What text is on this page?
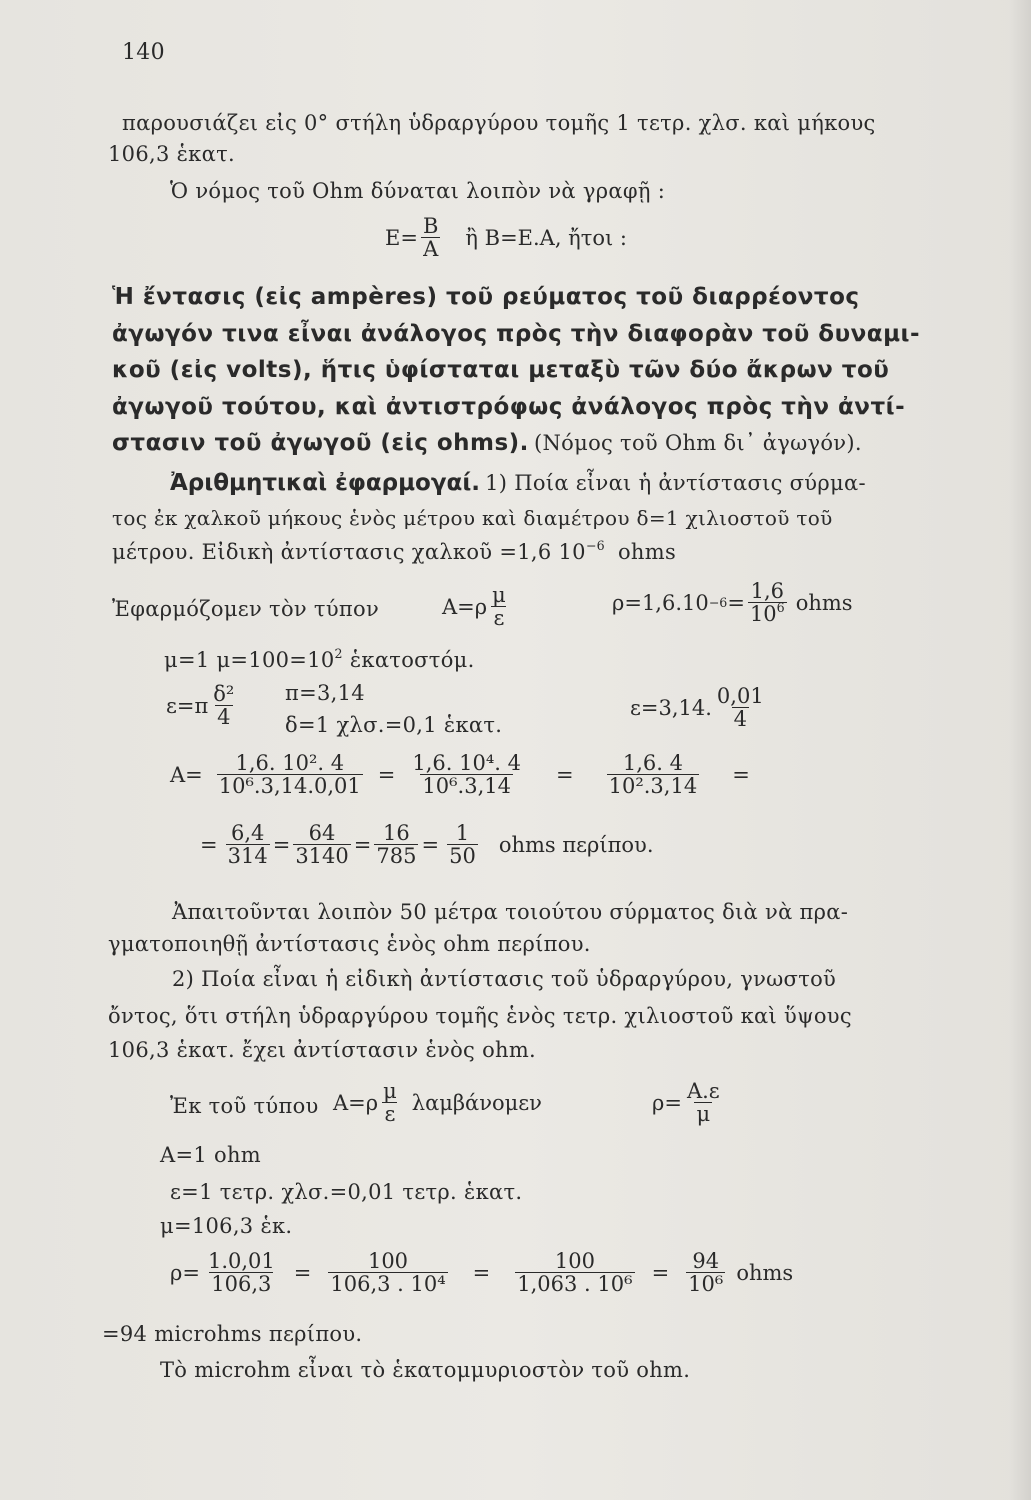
140
παρουσιάζει εἰς 0° στήλη ὑδραργύρου τομῆς 1 τετρ. χλσ. καὶ μήκους
106,3 ἑκατ.
Ὁ νόμος τοῦ Ohm δύναται λοιπὸν νὰ γραφῇ :
$E= \frac{B}{A}$ ἢ B=E.A, ἤτοι :
Ἡ ἔντασις (εἰς ampères) τοῦ ρεύματος τοῦ διαρρέοντος
ἀγωγόν τινα εἶναι ἀνάλογος πρὸς τὴν διαφορὰν τοῦ δυναμι-
κοῦ (εἰς volts), ἥτις ὑφίσταται μεταξὺ τῶν δύο ἄκρων τοῦ
ἀγωγοῦ τούτου, καὶ ἀντιστρόφως ἀνάλογος πρὸς τὴν ἀντί-
στασιν τοῦ ἀγωγοῦ (εἰς ohms). (Νόμος τοῦ Ohm δι᾽ ἀγωγόν).
Ἀριθμητικαὶ ἐφαρμογαί. 1) Ποία εἶναι ἡ ἀντίστασις σύρμα-
τος ἐκ χαλκοῦ μήκους ἑνὸς μέτρου καὶ διαμέτρου δ=1 χιλιοστοῦ τοῦ
μέτρου. Εἰδικὴ ἀντίστασις χαλκοῦ =1,6 $10^{-6}$ ohms
Ἐφαρμόζομεν τὸν τύπον	$A=\rho \frac{\mu}{\varepsilon}$	$\rho=1,6.10 -6 = \frac{1,6}{10^6}$ ohms
μ=1 $\mu=100=10^2$ ἑκατοστόμ.
$\varepsilon=\pi \frac{\text{δ²}}{4} \pi=3,14$
δ=1 χλσ.=0,1 ἑκατ.
ε=3,14. $\frac{0,01}{4}$
$A= \frac{\text{1,6. 10². 4}}{\text{10⁶.3,14.0,01}} = \frac{\text{1,6. 10⁴. 4}}{\text{10⁶.3,14}} = \frac{1,6. 4}{\text{10².3,14}}$ =
= $\frac{6,4}{314} = \frac{64}{3140} = \frac{16}{785} = \frac{1}{50}$ ohms περίπου.
Ἀπαιτοῦνται λοιπὸν 50 μέτρα τοιούτου σύρματος διὰ νὰ πρα-
γματοποιηθῇ ἀντίστασις ἑνὸς ohm περίπου.
2) Ποία εἶναι ἡ εἰδικὴ ἀντίστασις τοῦ ὑδραργύρου, γνωστοῦ
ὄντος, ὅτι στήλη ὑδραργύρου τομῆς ἑνὸς τετρ. χιλιοστοῦ καὶ ὕψους
106,3 ἑκατ. ἔχει ἀντίστασιν ἑνὸς ohm.
Ἐκ τοῦ τύπου $A=\rho \frac{\mu}{\varepsilon}$ λαμβάνομεν	$\rho= \frac{A.\varepsilon}{\mu}$
A=1 ohm
ε=1 τετρ. χλσ.=0,01 τετρ. ἑκατ.
μ=106,3 ἑκ.
$\rho= \frac{1.0,01}{106,3} = \frac{100}{\text{106,3 . 10⁴}} = \frac{100}{\text{1,063 . 10⁶}} = \frac{94}{\text{10⁶}}$ ohms
=94 microhms περίπου.
Τὸ microhm εἶναι τὸ ἑκατομμυριοστὸν τοῦ ohm.
